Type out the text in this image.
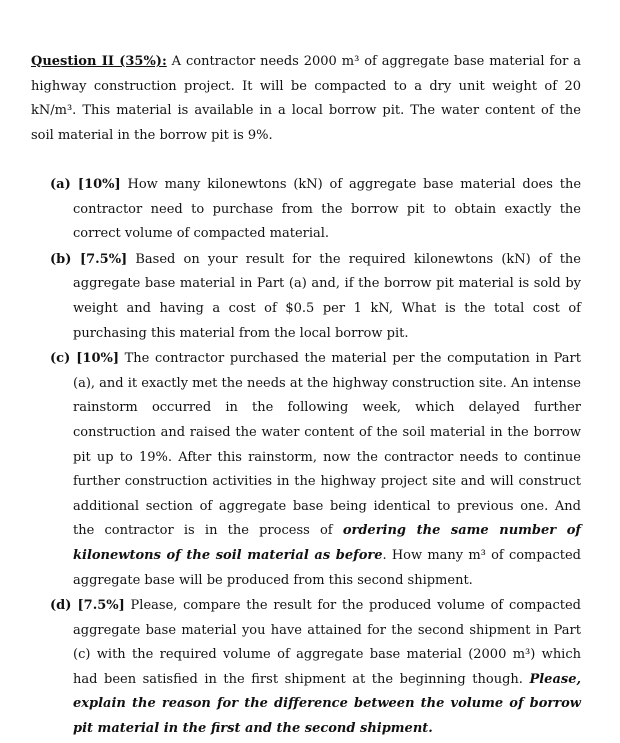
Question II (35%): A contractor needs 2000 m³ of aggregate base material for a highway construction project. It will be compacted to a dry unit weight of 20 kN/m³. This material is available in a local borrow pit. The water content of the soil material in the borrow pit is 9%.

(a) [10%] How many kilonewtons (kN) of aggregate base material does the contractor need to purchase from the borrow pit to obtain exactly the correct volume of compacted material.

(b) [7.5%] Based on your result for the required kilonewtons (kN) of the aggregate base material in Part (a) and, if the borrow pit material is sold by weight and having a cost of $0.5 per 1 kN, What is the total cost of purchasing this material from the local borrow pit.

(c) [10%] The contractor purchased the material per the computation in Part (a), and it exactly met the needs at the highway construction site. An intense rainstorm occurred in the following week, which delayed further construction and raised the water content of the soil material in the borrow pit up to 19%. After this rainstorm, now the contractor needs to continue further construction activities in the highway project site and will construct additional section of aggregate base being identical to previous one. And the contractor is in the process of ordering the same number of kilonewtons of the soil material as before. How many m³ of compacted aggregate base will be produced from this second shipment.

(d) [7.5%] Please, compare the result for the produced volume of compacted aggregate base material you have attained for the second shipment in Part (c) with the required volume of aggregate base material (2000 m³) which had been satisfied in the first shipment at the beginning though. Please, explain the reason for the difference between the volume of borrow pit material in the first and the second shipment.
